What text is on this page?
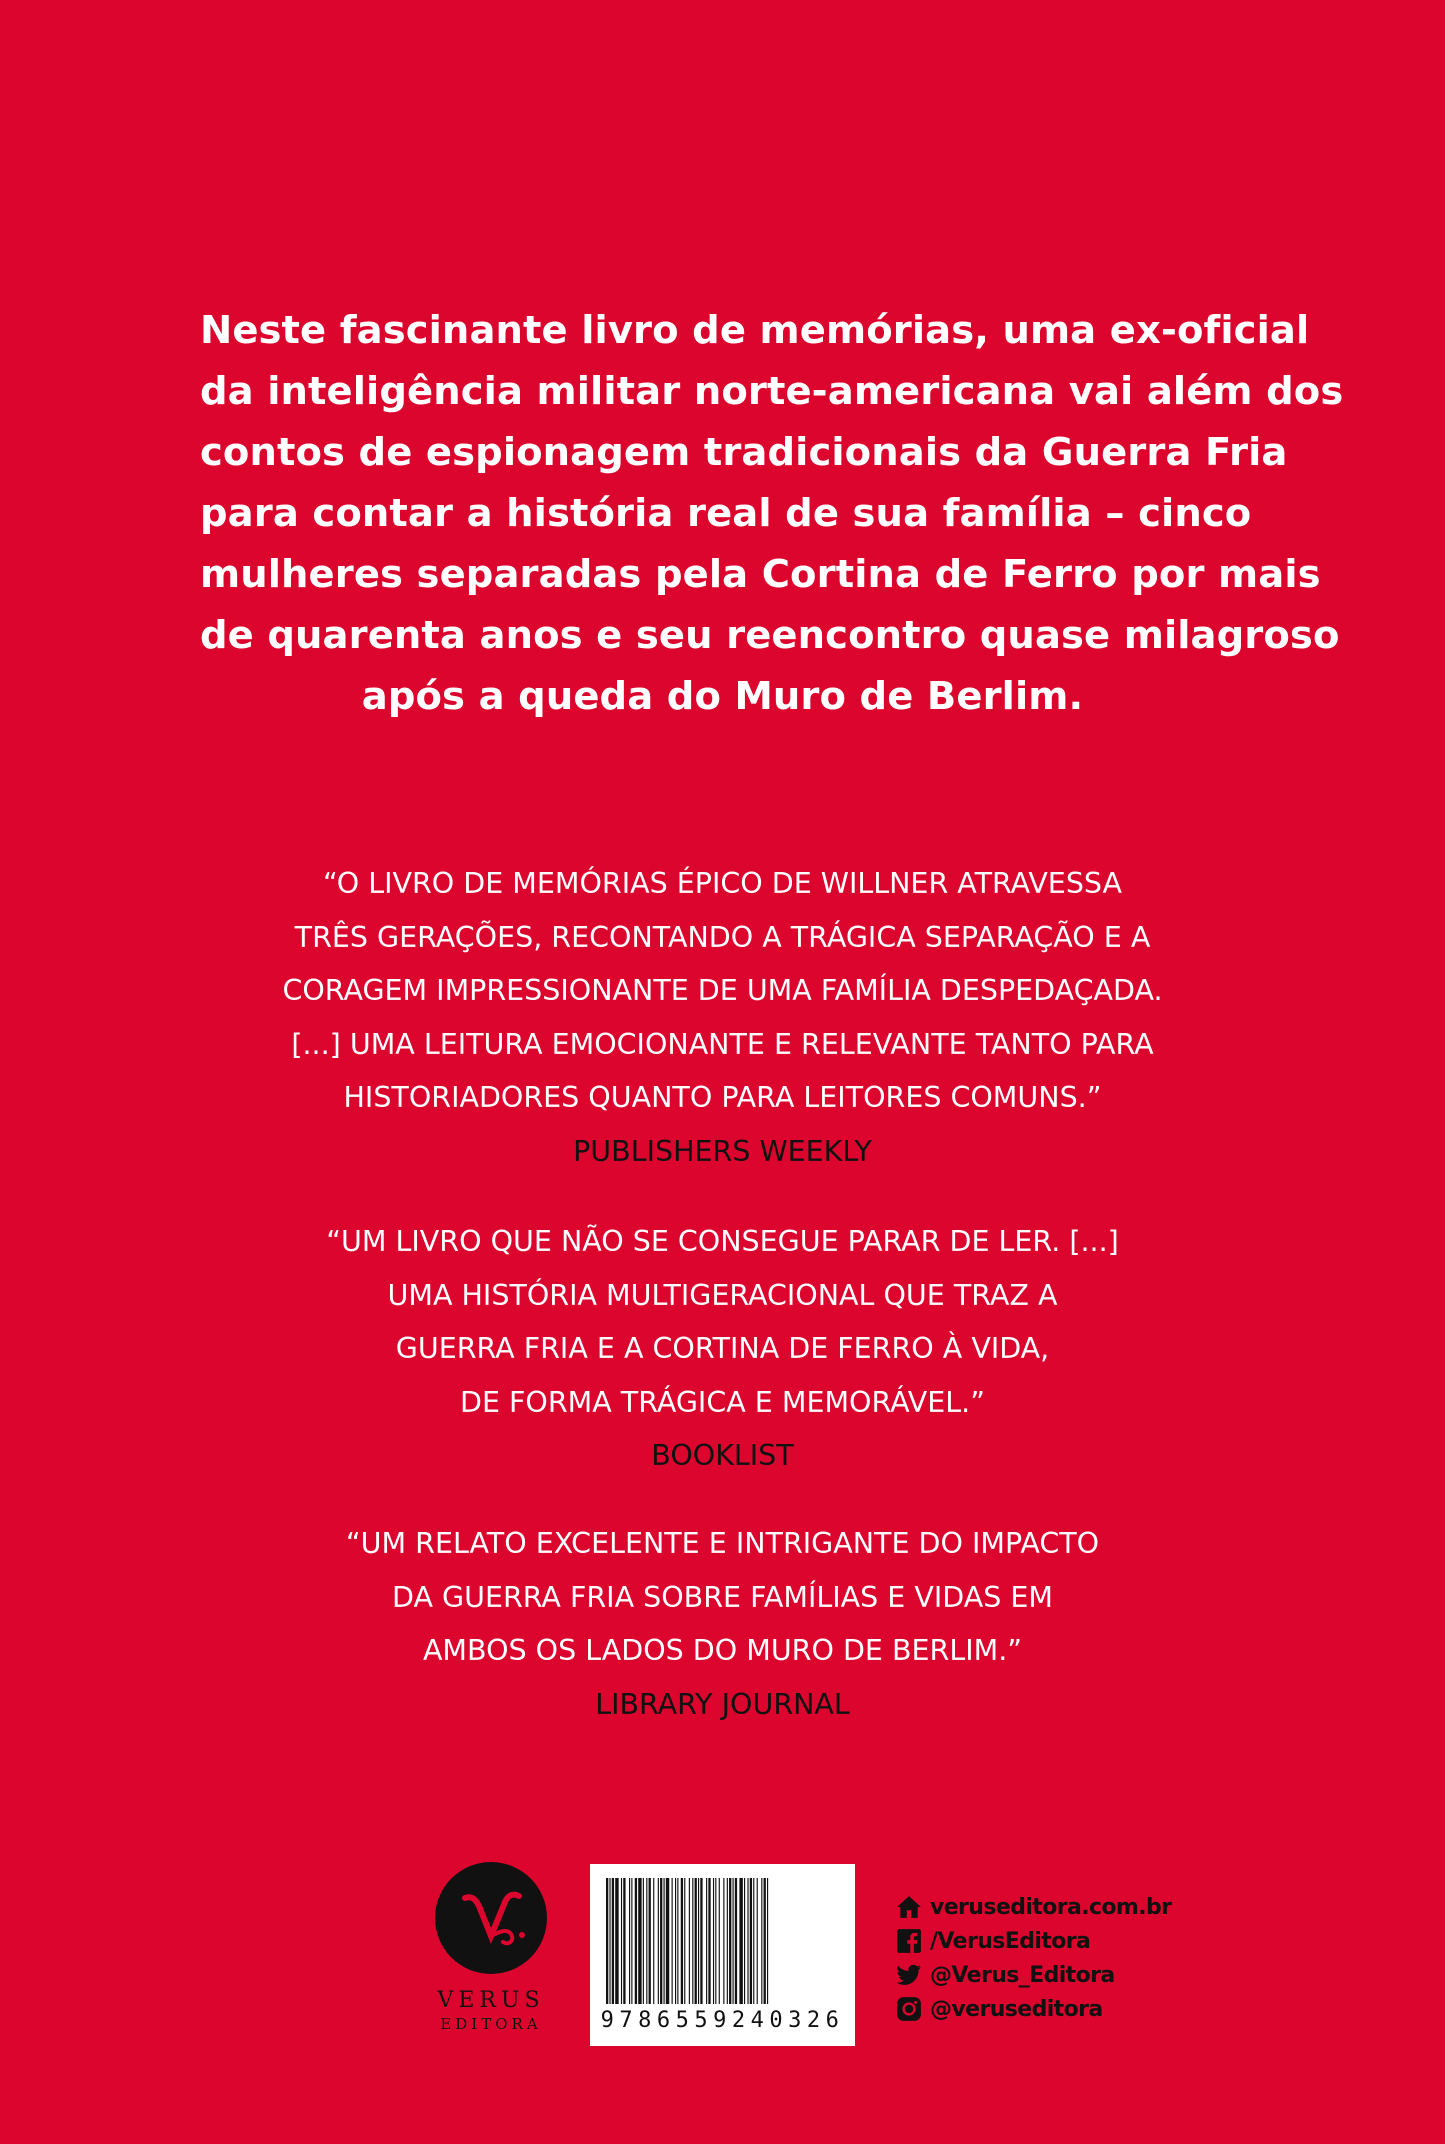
Neste fascinante livro de memórias, uma ex-oficial
da inteligência militar norte-americana vai além dos
contos de espionagem tradicionais da Guerra Fria
para contar a história real de sua família – cinco
mulheres separadas pela Cortina de Ferro por mais
de quarenta anos e seu reencontro quase milagroso
após a queda do Muro de Berlim.
“O LIVRO DE MEMÓRIAS ÉPICO DE WILLNER ATRAVESSA
TRÊS GERAÇÕES, RECONTANDO A TRÁGICA SEPARAÇÃO E A
CORAGEM IMPRESSIONANTE DE UMA FAMÍLIA DESPEDAÇADA.
[...] UMA LEITURA EMOCIONANTE E RELEVANTE TANTO PARA
HISTORIADORES QUANTO PARA LEITORES COMUNS.”
PUBLISHERS WEEKLY
“UM LIVRO QUE NÃO SE CONSEGUE PARAR DE LER. [...]
UMA HISTÓRIA MULTIGERACIONAL QUE TRAZ A
GUERRA FRIA E A CORTINA DE FERRO À VIDA,
DE FORMA TRÁGICA E MEMORÁVEL.”
BOOKLIST
“UM RELATO EXCELENTE E INTRIGANTE DO IMPACTO
DA GUERRA FRIA SOBRE FAMÍLIAS E VIDAS EM
AMBOS OS LADOS DO MURO DE BERLIM.”
LIBRARY JOURNAL
VERUS
EDITORA	9786559240326
veruseditora.com.br
/VerusEditora
@Verus_Editora
@veruseditora
